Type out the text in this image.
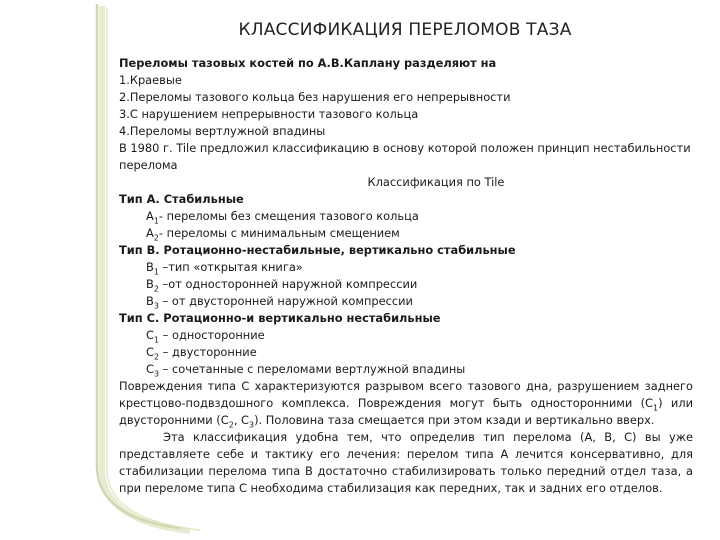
КЛАССИФИКАЦИЯ ПЕРЕЛОМОВ ТАЗА

Переломы тазовых костей по А.В.Каплану разделяют на

1.Краевые

2.Переломы тазового кольца без нарушения его непрерывности

3.С нарушением непрерывности тазового кольца

4.Переломы вертлужной впадины

В 1980 г. Tile предложил классификацию в основу которой положен принцип нестабильности перелома

Классификация по Tile

Тип А. Стабильные

$А_1-$ переломы без смещения тазового кольца

$А_2-$ переломы с минимальным смещением

Тип В. Ротационно-нестабильные, вертикально стабильные

$В_1$ –тип «открытая книга»

$В_2$ –от односторонней наружной компрессии

$В_3$ – от двусторонней наружной компрессии

Тип С. Ротационно-и вертикально нестабильные

$С_1$ – односторонние

$С_2$ – двусторонние

$С_3$ – сочетанные с переломами вертлужной впадины

Повреждения типа С характеризуются разрывом всего тазового дна, разрушением заднего крестцово-подвздошного комплекса. Повреждения могут быть односторонними $(С_1)$ или двусторонними ($С_2$, $С_3$). Половина таза смещается при этом кзади и вертикально вверх.

Эта классификация удобна тем, что определив тип перелома (А, В, С) вы уже представляете себе и тактику его лечения: перелом типа А лечится консервативно, для стабилизации перелома типа В достаточно стабилизировать только передний отдел таза, а при переломе типа С необходима стабилизация как передних, так и задних его отделов.
